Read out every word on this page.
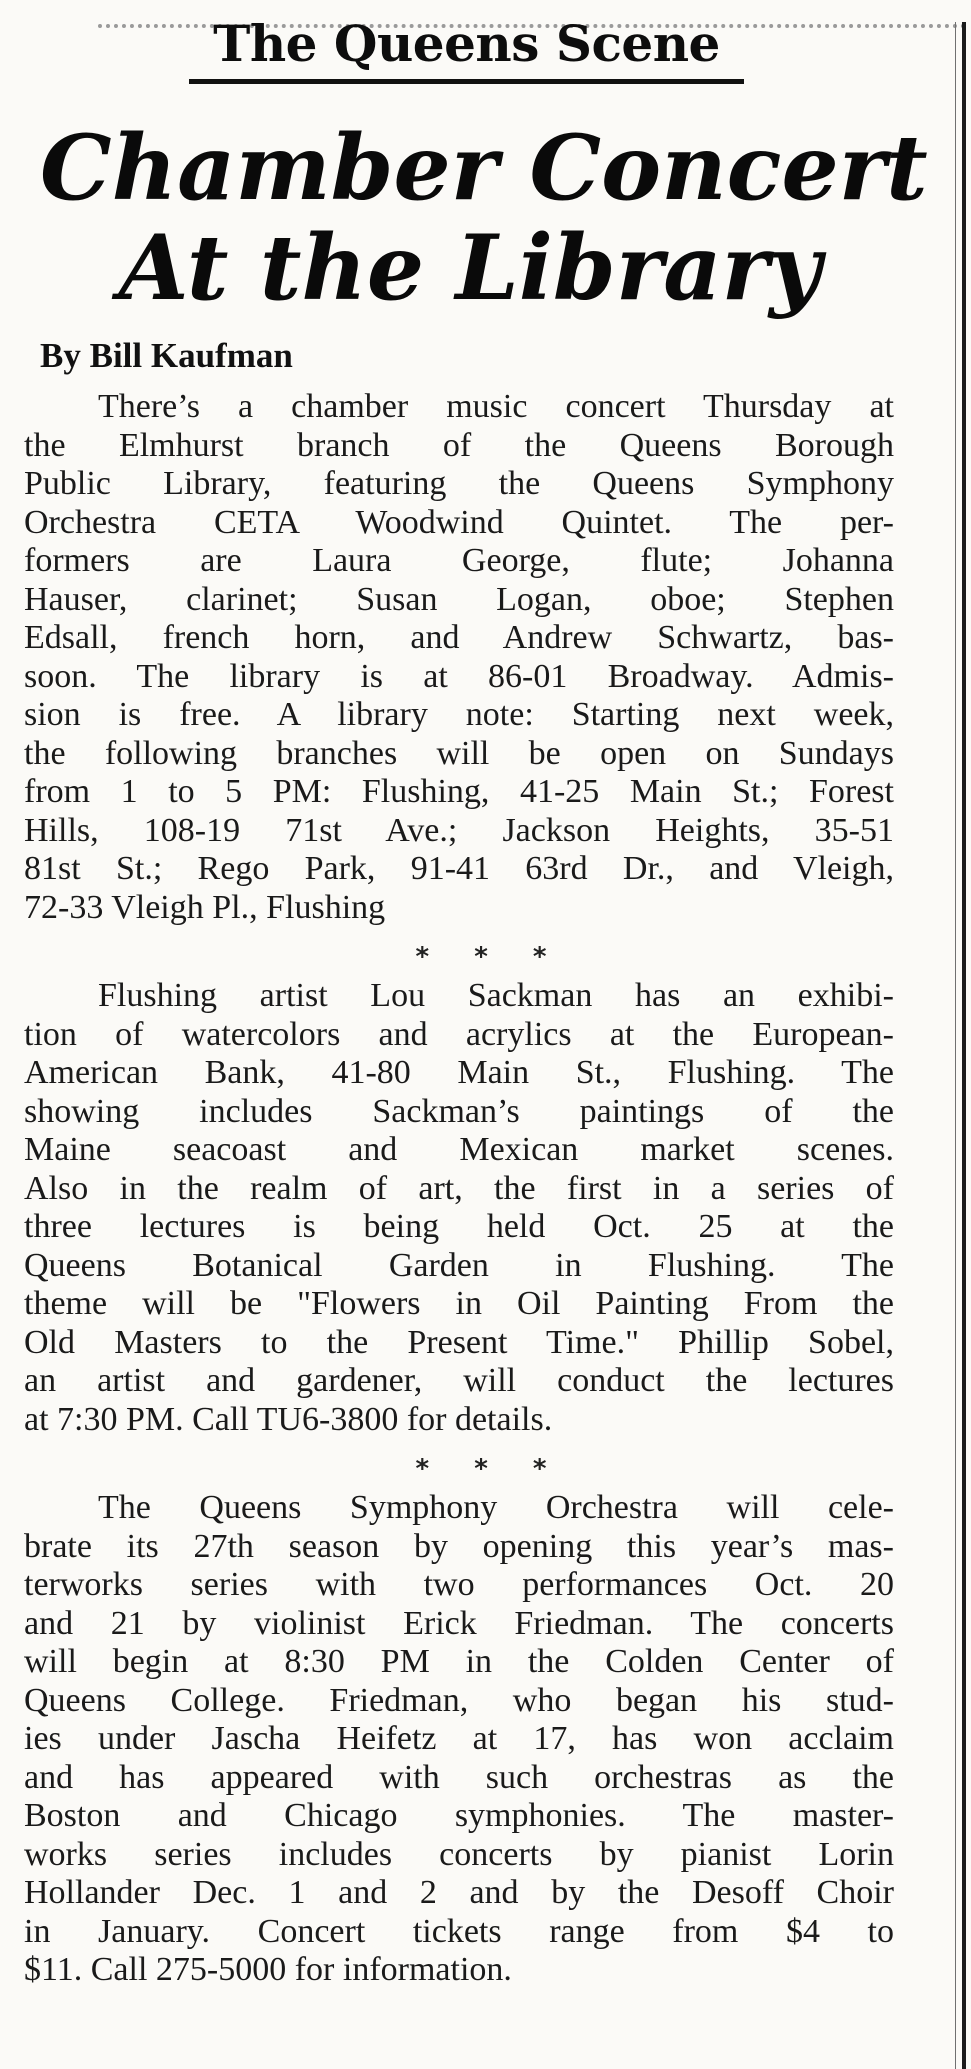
The Queens Scene
Chamber Concert
At the Library
By Bill Kaufman
There’s a chamber music concert Thursday at
the Elmhurst branch of the Queens Borough
Public Library, featuring the Queens Symphony
Orchestra CETA Woodwind Quintet. The per-
formers are Laura George, flute; Johanna
Hauser, clarinet; Susan Logan, oboe; Stephen
Edsall, french horn, and Andrew Schwartz, bas-
soon. The library is at 86-01 Broadway. Admis-
sion is free. A library note: Starting next week,
the following branches will be open on Sundays
from 1 to 5 PM: Flushing, 41-25 Main St.; Forest
Hills, 108-19 71st Ave.; Jackson Heights, 35-51
81st St.; Rego Park, 91-41 63rd Dr., and Vleigh,
72-33 Vleigh Pl., Flushing
* * *
Flushing artist Lou Sackman has an exhibi-
tion of watercolors and acrylics at the European-
American Bank, 41-80 Main St., Flushing. The
showing includes Sackman’s paintings of the
Maine seacoast and Mexican market scenes.
Also in the realm of art, the first in a series of
three lectures is being held Oct. 25 at the
Queens Botanical Garden in Flushing. The
theme will be "Flowers in Oil Painting From the
Old Masters to the Present Time." Phillip Sobel,
an artist and gardener, will conduct the lectures
at 7:30 PM. Call TU6-3800 for details.
* * *
The Queens Symphony Orchestra will cele-
brate its 27th season by opening this year’s mas-
terworks series with two performances Oct. 20
and 21 by violinist Erick Friedman. The concerts
will begin at 8:30 PM in the Colden Center of
Queens College. Friedman, who began his stud-
ies under Jascha Heifetz at 17, has won acclaim
and has appeared with such orchestras as the
Boston and Chicago symphonies. The master-
works series includes concerts by pianist Lorin
Hollander Dec. 1 and 2 and by the Desoff Choir
in January. Concert tickets range from $4 to
$11. Call 275-5000 for information.
